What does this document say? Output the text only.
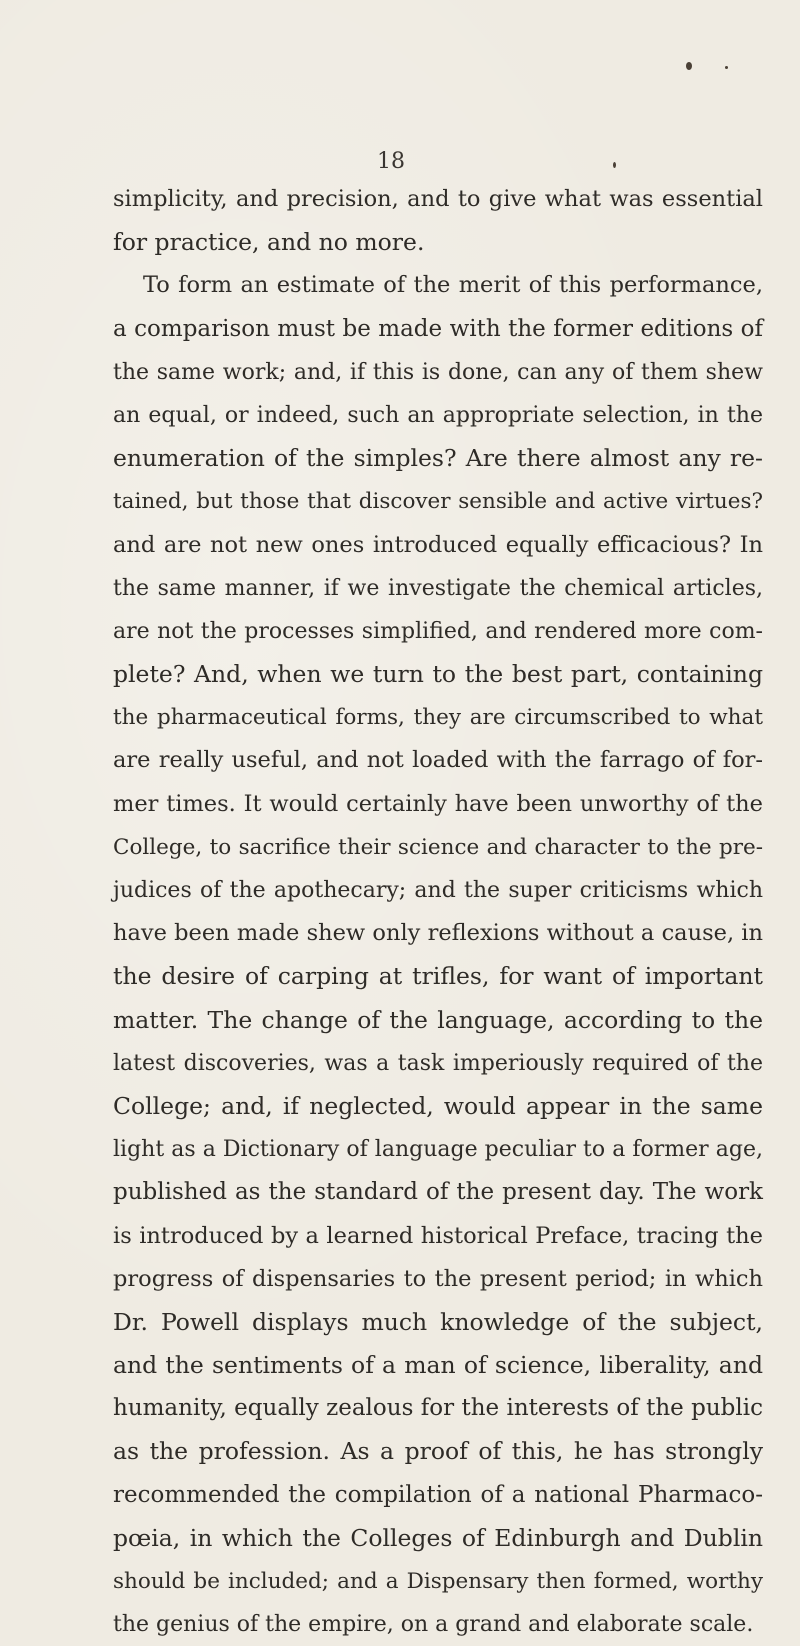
18
simplicity, and precision, and to give what was essential
for practice, and no more.
To form an estimate of the merit of this performance,
a comparison must be made with the former editions of
the same work; and, if this is done, can any of them shew
an equal, or indeed, such an appropriate selection, in the
enumeration of the simples? Are there almost any re-
tained, but those that discover sensible and active virtues?
and are not new ones introduced equally efficacious? In
the same manner, if we investigate the chemical articles,
are not the processes simplified, and rendered more com-
plete? And, when we turn to the best part, containing
the pharmaceutical forms, they are circumscribed to what
are really useful, and not loaded with the farrago of for-
mer times. It would certainly have been unworthy of the
College, to sacrifice their science and character to the pre-
judices of the apothecary; and the super criticisms which
have been made shew only reflexions without a cause, in
the desire of carping at trifles, for want of important
matter. The change of the language, according to the
latest discoveries, was a task imperiously required of the
College; and, if neglected, would appear in the same
light as a Dictionary of language peculiar to a former age,
published as the standard of the present day. The work
is introduced by a learned historical Preface, tracing the
progress of dispensaries to the present period; in which
Dr. Powell displays much knowledge of the subject,
and the sentiments of a man of science, liberality, and
humanity, equally zealous for the interests of the public
as the profession. As a proof of this, he has strongly
recommended the compilation of a national Pharmaco-
pœia, in which the Colleges of Edinburgh and Dublin
should be included; and a Dispensary then formed, worthy
the genius of the empire, on a grand and elaborate scale.
